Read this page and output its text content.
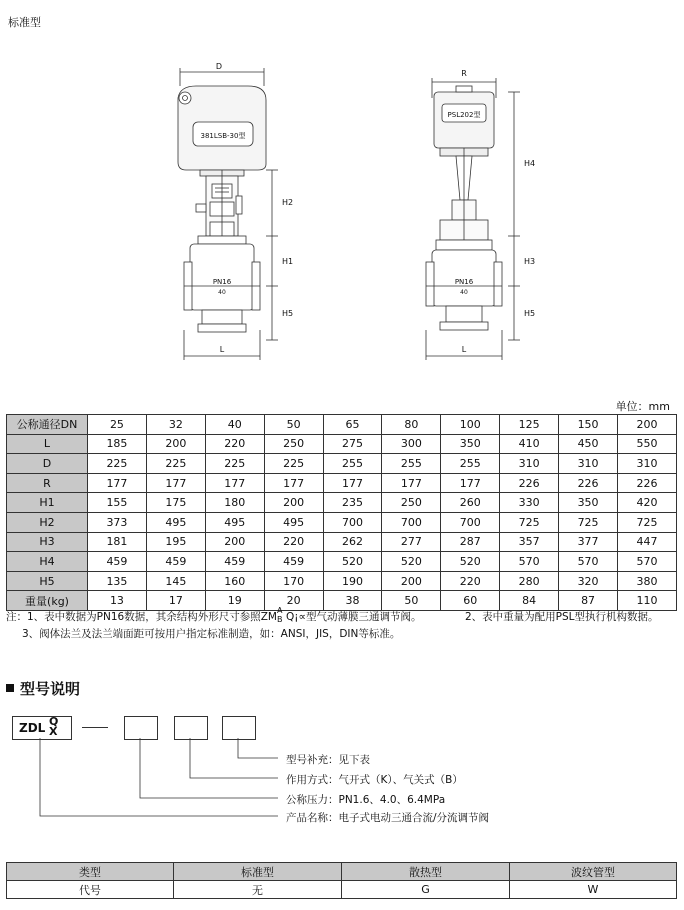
标准型
D
381LSB-30型
PN16
40
L
H2
H1
H5
R
PSL202型
PN16
40
L
H4
H3
H5
单位：mm
公称通径DN	25	32	40	50	65	80	100	125	150	200
L	185	200	220	250	275	300	350	410	450	550
D	225	225	225	225	255	255	255	310	310	310
R	177	177	177	177	177	177	177	226	226	226
H1	155	175	180	200	235	250	260	330	350	420
H2	373	495	495	495	700	700	700	725	725	725
H3	181	195	200	220	262	277	287	357	377	447
H4	459	459	459	459	520	520	520	570	570	570
H5	135	145	160	170	190	200	220	280	320	380
重量(kg)	13	17	19	20	38	50	60	84	87	110
注：1、表中数据为PN16数据，其余结构外形尺寸参照ZM
A
B Q¡∝型气动薄膜三通调节阀。	2、表中重量为配用PSL型执行机构数据。
3、阀体法兰及法兰端面距可按用户指定标准制造，如：ANSI，JIS，DIN等标准。
型号说明
ZDL Q
X
型号补充：见下表
作用方式：气开式（K）、气关式（B）
公称压力：PN1.6、4.0、6.4MPa
产品名称：电子式电动三通合流/分流调节阀
类型	标准型	散热型	波纹管型
代号	无	G	W
